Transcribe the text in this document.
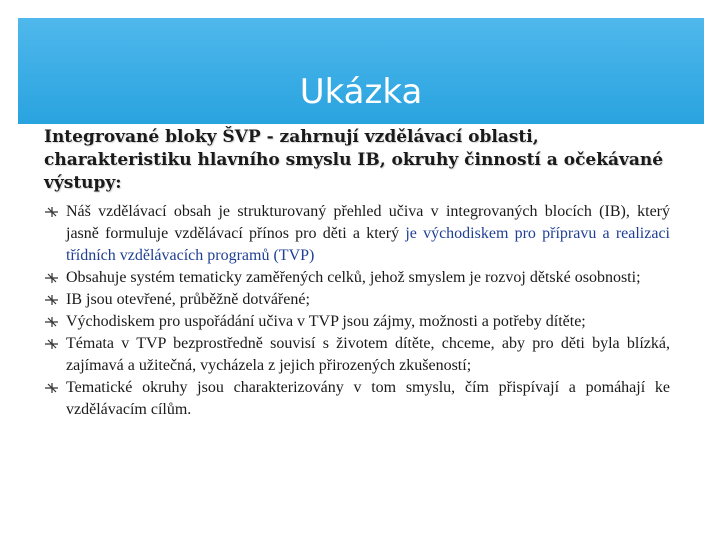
Ukázka

Integrované bloky ŠVP - zahrnují vzdělávací oblasti, charakteristiku hlavního smyslu IB, okruhy činností a očekávané výstupy:

Náš vzdělávací obsah je strukturovaný přehled učiva v integrovaných blocích (IB), který jasně formuluje vzdělávací přínos pro děti a který je východiskem pro přípravu a realizaci třídních vzdělávacích programů (TVP)
Obsahuje systém tematicky zaměřených celků, jehož smyslem je rozvoj dětské osobnosti;
IB jsou otevřené, průběžně dotvářené;
Východiskem pro uspořádání učiva v TVP jsou zájmy, možnosti a potřeby dítěte;
Témata v TVP bezprostředně souvisí s životem dítěte, chceme, aby pro děti byla blízká, zajímavá a užitečná, vycházela z jejich přirozených zkušeností;
Tematické okruhy jsou charakterizovány v tom smyslu, čím přispívají a pomáhají ke vzdělávacím cílům.
